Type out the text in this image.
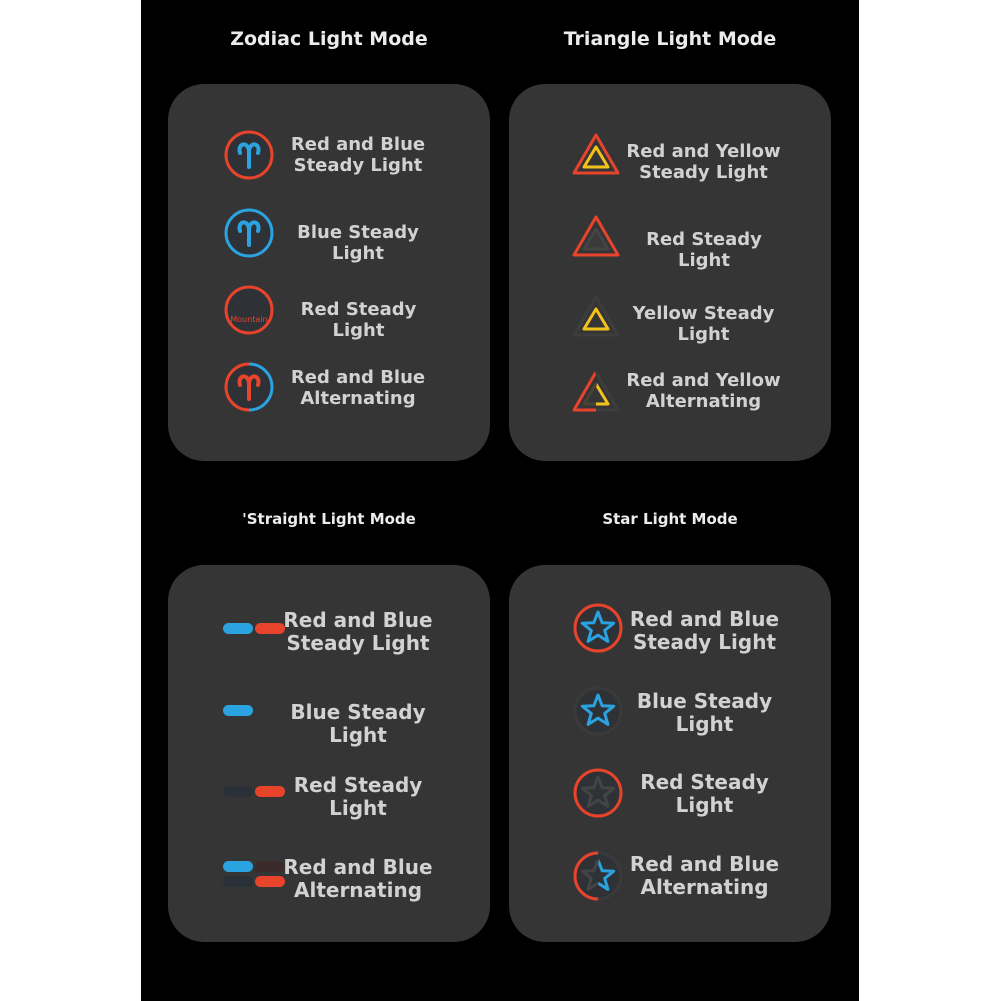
Zodiac Light Mode	Triangle Light Mode
'Straight Light Mode	Star Light Mode
Red and Blue
Steady Light
Blue Steady Light
Mountain	Red Steady Light
Red and Blue
Alternating
Red and Yellow
Steady Light
Red Steady Light
Yellow Steady
Light
Red and Yellow
Alternating
Red and Blue
Steady Light
Blue Steady Light
Red Steady
Light
Red and Blue
Alternating
Red and Blue
Steady Light
Blue Steady
Light
Red Steady
Light
Red and Blue
Alternating
